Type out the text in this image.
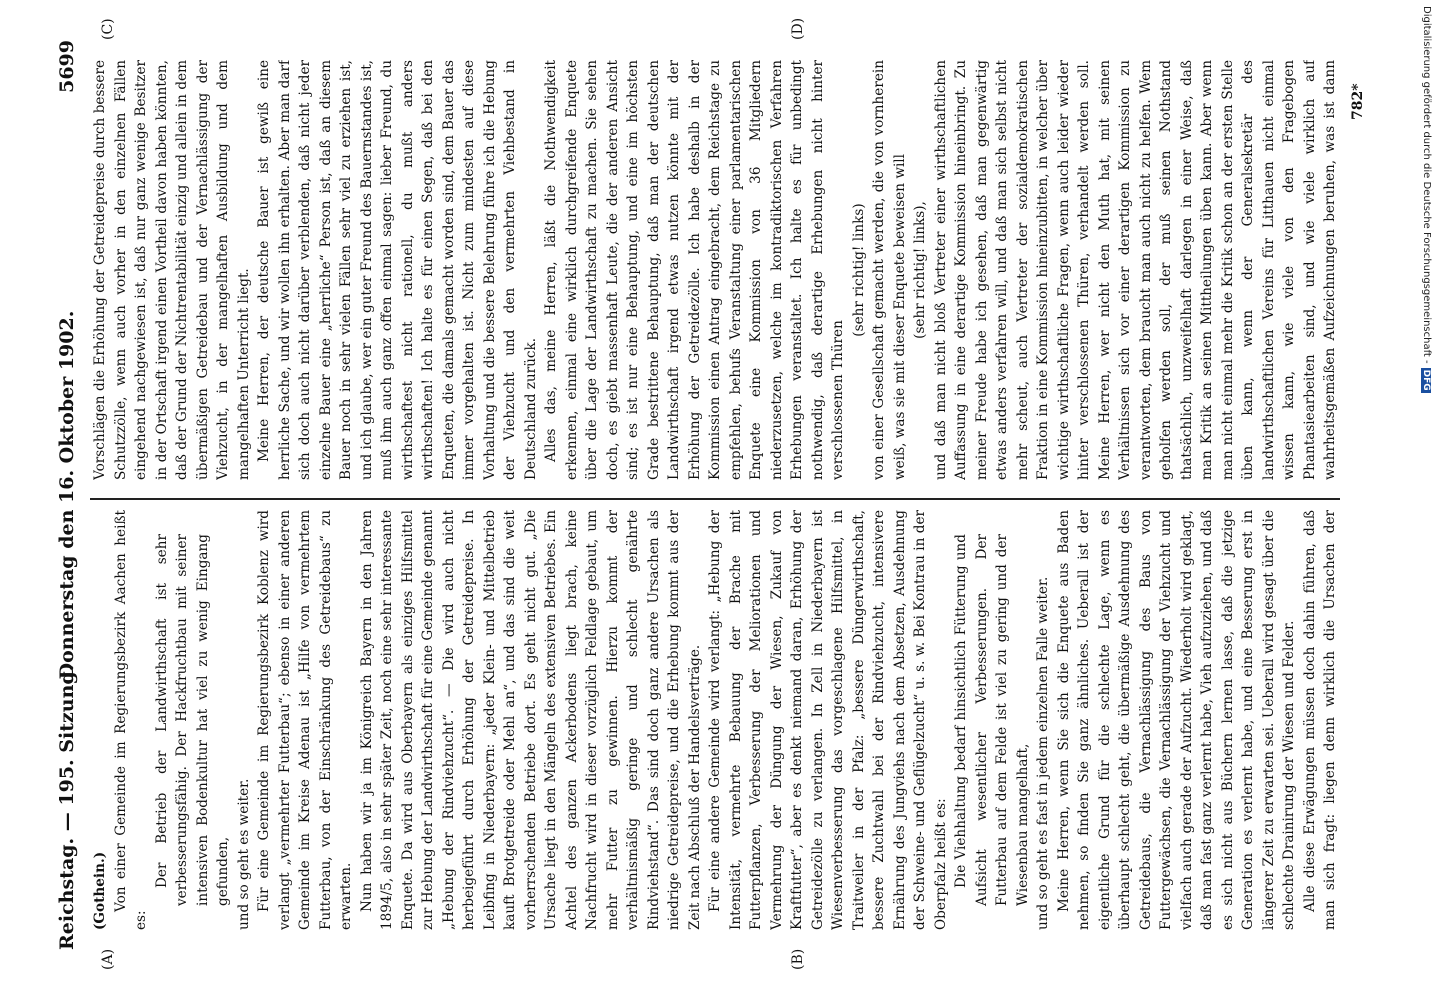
Reichstag. — 195. Sitzung.
Donnerstag den 16. Oktober 1902.
5699
(A)	(B)
(C)	(D)

(Gothein.) Von einer Gemeinde im Regierungsbezirk Aachen heißt es:

Der Betrieb der Landwirthschaft ist sehr verbesserungsfähig. Der Hackfruchtbau mit seiner intensiven Bodenkultur hat viel zu wenig Eingang gefunden, und so geht es weiter. Für eine Gemeinde im Regierungsbezirk Koblenz wird verlangt „vermehrter Futterbau“; ebenso in einer anderen Gemeinde im Kreise Adenau ist „Hilfe von vermehrtem Futterbau, von der Einschränkung des Getreidebaus“ zu erwarten. Nun haben wir ja im Königreich Bayern in den Jahren 1894/5, also in sehr später Zeit, noch eine sehr interessante Enquete. Da wird aus Oberbayern als einziges Hilfsmittel zur Hebung der Landwirthschaft für eine Gemeinde genannt „Hebung der Rindviehzucht“. — Die wird auch nicht herbeigeführt durch Erhöhung der Getreidepreise. In Leibfing in Niederbayern: „jeder Klein- und Mittelbetrieb kauft Brotgetreide oder Mehl an“, und das sind die weit vorherrschenden Betriebe dort. Es geht nicht gut. „Die Ursache liegt in den Mängeln des extensiven Betriebes. Ein Achtel des ganzen Ackerbodens liegt brach, keine Nachfrucht wird in dieser vorzüglich Feldlage gebaut, um mehr Futter zu gewinnen. Hierzu kommt der verhältnismäßig geringe und schlecht genährte Rindviehstand“. Das sind doch ganz andere Ursachen als niedrige Getreidepreise, und die Erhebung kommt aus der Zeit nach Abschluß der Handelsverträge. Für eine andere Gemeinde wird verlangt: „Hebung der Intensität, vermehrte Bebauung der Brache mit Futterpflanzen, Verbesserung der Meliorationen und Vermehrung der Düngung der Wiesen, Zukauf von Kraftfutter“, aber es denkt niemand daran, Erhöhung der Getreidezölle zu verlangen. In Zell in Niederbayern ist Wiesenverbesserung das vorgeschlagene Hilfsmittel, in Traitweiler in der Pfalz: „bessere Düngerwirthschaft, bessere Zuchtwahl bei der Rindviehzucht, intensivere Ernährung des Jungviehs nach dem Absetzen, Ausdehnung der Schweine- und Geflügelzucht“ u. s. w. Bei Kontrau in der Oberpfalz heißt es: Die Viehhaltung bedarf hinsichtlich Fütterung und Aufsicht wesentlicher Verbesserungen. Der Futterbau auf dem Felde ist viel zu gering und der Wiesenbau mangelhaft, und so geht es fast in jedem einzelnen Falle weiter. Meine Herren, wenn Sie sich die Enquete aus Baden nehmen, so finden Sie ganz ähnliches. Ueberall ist der eigentliche Grund für die schlechte Lage, wenn es überhaupt schlecht geht, die übermäßige Ausdehnung des Getreidebaus, die Vernachlässigung des Baus von Futtergewächsen, die Vernachlässigung der Viehzucht und vielfach auch gerade der Aufzucht. Wiederholt wird geklagt, daß man fast ganz verlernt habe, Vieh aufzuziehen, und daß es sich nicht aus Büchern lernen lasse, daß die jetzige Generation es verlernt habe, und eine Besserung erst in längerer Zeit zu erwarten sei. Ueberall wird gesagt über die schlechte Drainirung der Wiesen und Felder. Alle diese Erwägungen müssen doch dahin führen, daß man sich fragt: liegen denn wirklich die Ursachen der

Vorschlägen die Erhöhung der Getreidepreise durch bessere Schutzzölle, wenn auch vorher in den einzelnen Fällen eingehend nachgewiesen ist, daß nur ganz wenige Besitzer in der Ortschaft irgend einen Vortheil davon haben könnten, daß der Grund der Nichtrentabilität einzig und allein in dem übermäßigen Getreidebau und der Vernachlässigung der Viehzucht, in der mangelhaften Ausbildung und dem mangelhaften Unterricht liegt. Meine Herren, der deutsche Bauer ist gewiß eine herrliche Sache, und wir wollen ihn erhalten. Aber man darf sich doch auch nicht darüber verblenden, daß nicht jeder einzelne Bauer eine „herrliche“ Person ist, daß an diesem Bauer noch in sehr vielen Fällen sehr viel zu erziehen ist, und ich glaube, wer ein guter Freund des Bauernstandes ist, muß ihm auch ganz offen einmal sagen: lieber Freund, du wirthschaftest nicht rationell, du mußt anders wirthschaften! Ich halte es für einen Segen, daß bei den Enqueten, die damals gemacht worden sind, dem Bauer das immer vorgehalten ist. Nicht zum mindesten auf diese Vorhaltung und die bessere Belehrung führe ich die Hebung der Viehzucht und den vermehrten Viehbestand in Deutschland zurück. Alles das, meine Herren, läßt die Nothwendigkeit erkennen, einmal eine wirklich durchgreifende Enquete über die Lage der Landwirthschaft zu machen. Sie sehen doch, es giebt massenhaft Leute, die der anderen Ansicht sind; es ist nur eine Behauptung, und eine im höchsten Grade bestrittene Behauptung, daß man der deutschen Landwirthschaft irgend etwas nutzen könnte mit der Erhöhung der Getreidezölle. Ich habe deshalb in der Kommission einen Antrag eingebracht, dem Reichstage zu empfehlen, behufs Veranstaltung einer parlamentarischen Enquete eine Kommission von 36 Mitgliedern niederzusetzen, welche im kontradiktorischen Verfahren Erhebungen veranstaltet. Ich halte es für unbedingt nothwendig, daß derartige Erhebungen nicht hinter verschlossenen Thüren

(sehr richtig! links) von einer Gesellschaft gemacht werden, die von vornherein weiß, was sie mit dieser Enquete beweisen will (sehr richtig! links),

und daß man nicht bloß Vertreter einer wirthschaftlichen Auffassung in eine derartige Kommission hineinbringt. Zu meiner Freude habe ich gesehen, daß man gegenwärtig etwas anders verfahren will, und daß man sich selbst nicht mehr scheut, auch Vertreter der sozialdemokratischen Fraktion in eine Kommission hineinzubitten, in welcher über wichtige wirthschaftliche Fragen, wenn auch leider wieder hinter verschlossenen Thüren, verhandelt werden soll. Meine Herren, wer nicht den Muth hat, mit seinen Verhältnissen sich vor einer derartigen Kommission zu verantworten, dem braucht man auch nicht zu helfen. Wem geholfen werden soll, der muß seinen Nothstand thatsächlich, unzweifelhaft darlegen in einer Weise, daß man Kritik an seinen Mittheilungen üben kann. Aber wenn man nicht einmal mehr die Kritik schon an der ersten Stelle üben kann, wenn der Generalsekretär des landwirthschaftlichen Vereins für Litthauen nicht einmal wissen kann, wie viele von den Fragebogen Phantasiearbeiten sind, und wie viele wirklich auf wahrheitsgemäßen Aufzeichnungen beruhen, was ist dann

782*	Digitalisierung gefördert durch die Deutsche Forschungsgemeinschaft -DFG
